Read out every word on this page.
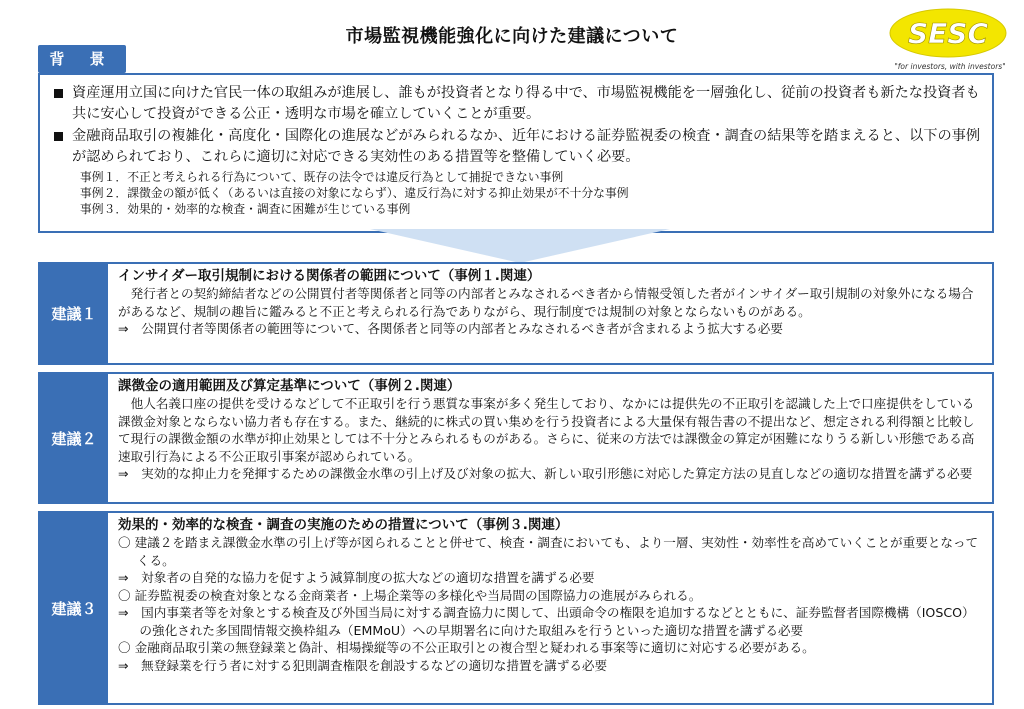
市場監視機能強化に向けた建議について	SESC
"for investors, with investors"
背 景
資産運用立国に向けた官民一体の取組みが進展し、誰もが投資者となり得る中で、市場監視機能を一層強化し、従前の投資者も新たな投資者も共に安心して投資ができる公正・透明な市場を確立していくことが重要。
金融商品取引の複雑化・高度化・国際化の進展などがみられるなか、近年における証券監視委の検査・調査の結果等を踏まえると、以下の事例が認められており、これらに適切に対応できる実効性のある措置等を整備していく必要。
事例１．不正と考えられる行為について、既存の法令では違反行為として捕捉できない事例
事例２．課徴金の額が低く（あるいは直接の対象にならず）、違反行為に対する抑止効果が不十分な事例
事例３．効果的・効率的な検査・調査に困難が生じている事例
建議１
インサイダー取引規制における関係者の範囲について（事例１.関連）

発行者との契約締結者などの公開買付者等関係者と同等の内部者とみなされるべき者から情報受領した者がインサイダー取引規制の対象外になる場合があるなど、規制の趣旨に鑑みると不正と考えられる行為でありながら、現行制度では規制の対象とならないものがある。

⇒　公開買付者等関係者の範囲等について、各関係者と同等の内部者とみなされるべき者が含まれるよう拡大する必要

建議２
課徴金の適用範囲及び算定基準について（事例２.関連）

他人名義口座の提供を受けるなどして不正取引を行う悪質な事案が多く発生しており、なかには提供先の不正取引を認識した上で口座提供をしている課徴金対象とならない協力者も存在する。また、継続的に株式の買い集めを行う投資者による大量保有報告書の不提出など、想定される利得額と比較して現行の課徴金額の水準が抑止効果としては不十分とみられるものがある。さらに、従来の方法では課徴金の算定が困難になりうる新しい形態である高速取引行為による不公正取引事案が認められている。

⇒　実効的な抑止力を発揮するための課徴金水準の引上げ及び対象の拡大、新しい取引形態に対応した算定方法の見直しなどの適切な措置を講ずる必要

建議３
効果的・効率的な検査・調査の実施のための措置について（事例３.関連）

〇 建議２を踏まえ課徴金水準の引上げ等が図られることと併せて、検査・調査においても、より一層、実効性・効率性を高めていくことが重要となってくる。

⇒　対象者の自発的な協力を促すよう減算制度の拡大などの適切な措置を講ずる必要

〇 証券監視委の検査対象となる金商業者・上場企業等の多様化や当局間の国際協力の進展がみられる。

⇒　国内事業者等を対象とする検査及び外国当局に対する調査協力に関して、出頭命令の権限を追加するなどとともに、証券監督者国際機構（IOSCO）の強化された多国間情報交換枠組み（EMMoU）への早期署名に向けた取組みを行うといった適切な措置を講ずる必要

〇 金融商品取引業の無登録業と偽計、相場操縦等の不公正取引との複合型と疑われる事案等に適切に対応する必要がある。

⇒　無登録業を行う者に対する犯則調査権限を創設するなどの適切な措置を講ずる必要
